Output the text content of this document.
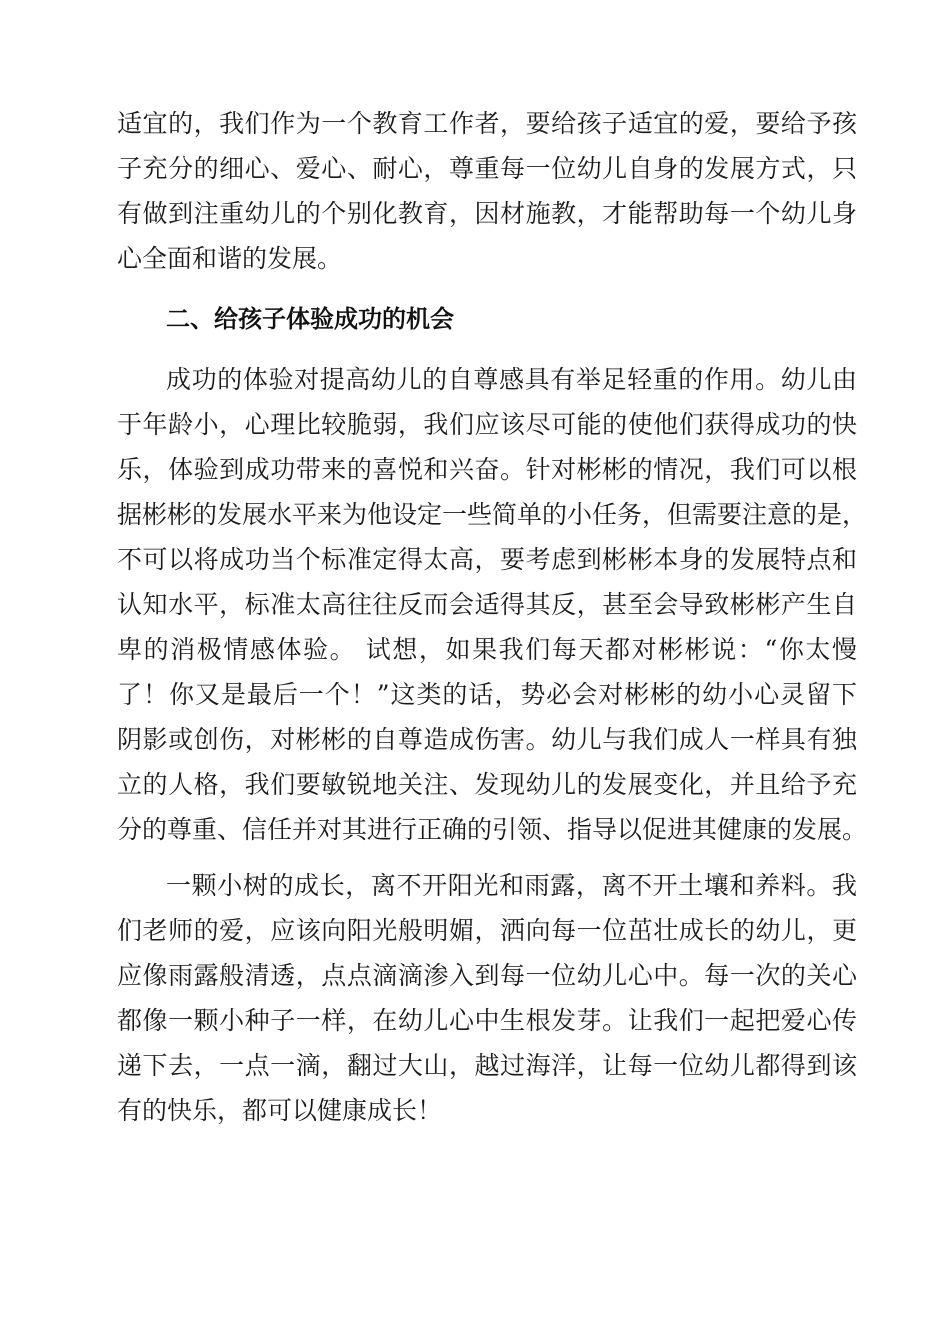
适宜的，我们作为一个教育工作者，要给孩子适宜的爱，要给予孩
子充分的细心、爱心、耐心，尊重每一位幼儿自身的发展方式，只
有做到注重幼儿的个别化教育，因材施教，才能帮助每一个幼儿身
心全面和谐的发展。
二、给孩子体验成功的机会
成功的体验对提高幼儿的自尊感具有举足轻重的作用。幼儿由
于年龄小，心理比较脆弱，我们应该尽可能的使他们获得成功的快
乐，体验到成功带来的喜悦和兴奋。针对彬彬的情况，我们可以根
据彬彬的发展水平来为他设定一些简单的小任务，但需要注意的是，
不可以将成功当个标准定得太高，要考虑到彬彬本身的发展特点和
认知水平，标准太高往往反而会适得其反，甚至会导致彬彬产生自
卑的消极情感体验。 试想，如果我们每天都对彬彬说：“你太慢
了！你又是最后一个！”这类的话，势必会对彬彬的幼小心灵留下
阴影或创伤，对彬彬的自尊造成伤害。幼儿与我们成人一样具有独
立的人格，我们要敏锐地关注、发现幼儿的发展变化，并且给予充
分的尊重、信任并对其进行正确的引领、指导以促进其健康的发展。
一颗小树的成长，离不开阳光和雨露，离不开土壤和养料。我
们老师的爱，应该向阳光般明媚，洒向每一位茁壮成长的幼儿，更
应像雨露般清透，点点滴滴渗入到每一位幼儿心中。每一次的关心
都像一颗小种子一样，在幼儿心中生根发芽。让我们一起把爱心传
递下去，一点一滴，翻过大山，越过海洋，让每一位幼儿都得到该
有的快乐，都可以健康成长！
